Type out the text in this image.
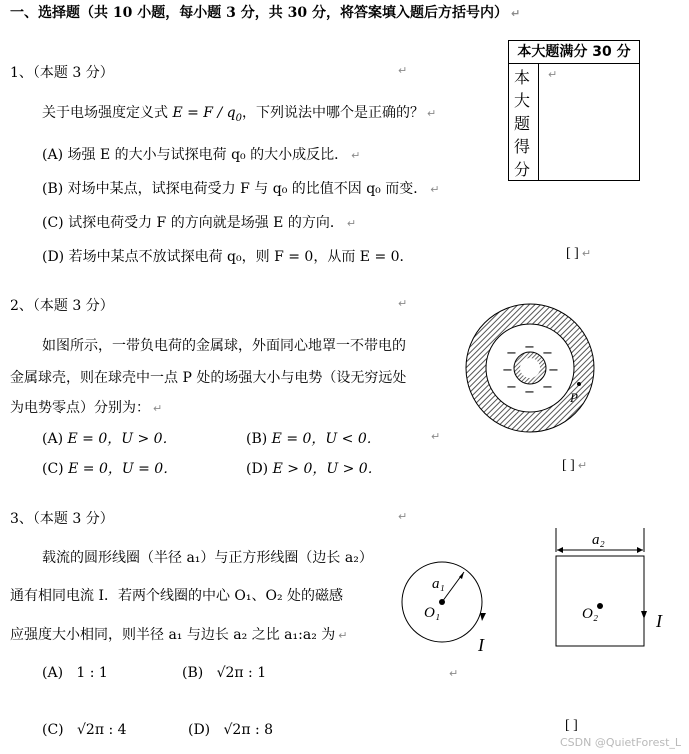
一、选择题（共 10 小题，每小题 3 分，共 30 分，将答案填入题后方括号内） ↵
本大题满分 30 分
本
大
题
得
分
↵
1、（本题 3 分）	↵
关于电场强度定义式 $E = F / q_0$，下列说法中哪个是正确的？ ↵
(A) 场强 E 的大小与试探电荷 q₀ 的大小成反比． ↵
(B) 对场中某点，试探电荷受力 F 与 q₀ 的比值不因 q₀ 而变． ↵
(C) 试探电荷受力 F 的方向就是场强 E 的方向． ↵
(D) 若场中某点不放试探电荷 q₀，则 F = 0，从而 E = 0．	[ ] ↵
2、（本题 3 分）	↵
如图所示，一带负电荷的金属球，外面同心地罩一不带电的
金属球壳，则在球壳中一点 P 处的场强大小与电势（设无穷远处
为电势零点）分别为： ↵
(A) E = 0，U > 0．	(B) E = 0，U < 0．	↵
(C) E = 0，U = 0．	(D) E > 0，U > 0．	[ ] ↵
−
−
−	−
− −
− −
P
3、（本题 3 分）	↵
载流的圆形线圈（半径 a₁）与正方形线圈（边长 a₂）
通有相同电流 I．若两个线圈的中心 O₁、O₂ 处的磁感
应强度大小相同，则半径 a₁ 与边长 a₂ 之比 a₁:a₂ 为 ↵
(A) 1 : 1	(B) √2π : 1	↵
(C) √2π : 4	(D) √2π : 8	[ ]
a₁
O₁
I
a₂
O₂	I
CSDN @QuietForest_L
